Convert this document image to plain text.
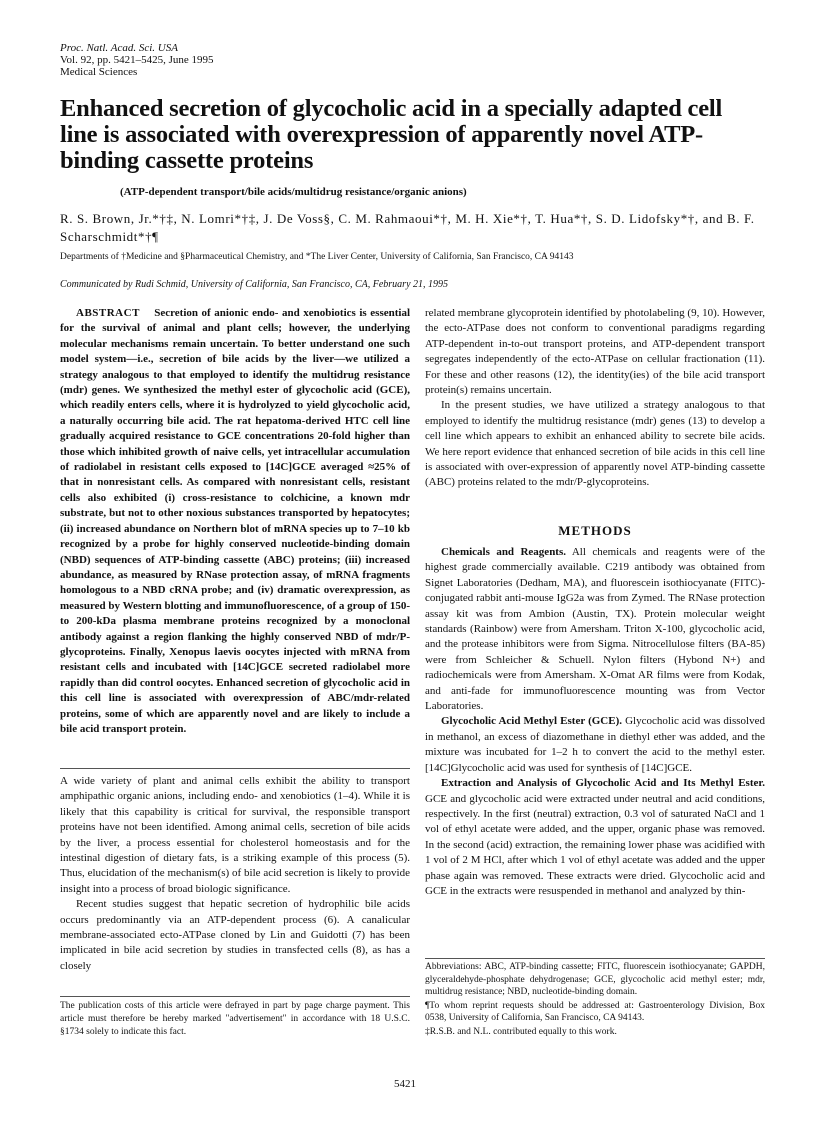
Proc. Natl. Acad. Sci. USA
Vol. 92, pp. 5421–5425, June 1995
Medical Sciences
Enhanced secretion of glycocholic acid in a specially adapted cell line is associated with overexpression of apparently novel ATP-binding cassette proteins
(ATP-dependent transport/bile acids/multidrug resistance/organic anions)
R. S. Brown, Jr.*†‡, N. Lomri*†‡, J. De Voss§, C. M. Rahmaoui*†, M. H. Xie*†, T. Hua*†, S. D. Lidofsky*†, and B. F. Scharschmidt*†¶
Departments of †Medicine and §Pharmaceutical Chemistry, and *The Liver Center, University of California, San Francisco, CA 94143
Communicated by Rudi Schmid, University of California, San Francisco, CA, February 21, 1995

ABSTRACT Secretion of anionic endo- and xenobiotics is essential for the survival of animal and plant cells; however, the underlying molecular mechanisms remain uncertain. To better understand one such model system—i.e., secretion of bile acids by the liver—we utilized a strategy analogous to that employed to identify the multidrug resistance (mdr) genes. We synthesized the methyl ester of glycocholic acid (GCE), which readily enters cells, where it is hydrolyzed to yield glycocholic acid, a naturally occurring bile acid. The rat hepatoma-derived HTC cell line gradually acquired resistance to GCE concentrations 20-fold higher than those which inhibited growth of naive cells, yet intracellular accumulation of radiolabel in resistant cells exposed to [14C]GCE averaged ≈25% of that in nonresistant cells. As compared with nonresistant cells, resistant cells also exhibited (i) cross-resistance to colchicine, a known mdr substrate, but not to other noxious substances transported by hepatocytes; (ii) increased abundance on Northern blot of mRNA species up to 7–10 kb recognized by a probe for highly conserved nucleotide-binding domain (NBD) sequences of ATP-binding cassette (ABC) proteins; (iii) increased abundance, as measured by RNase protection assay, of mRNA fragments homologous to a NBD cRNA probe; and (iv) dramatic overexpression, as measured by Western blotting and immunofluorescence, of a group of 150- to 200-kDa plasma membrane proteins recognized by a monoclonal antibody against a region flanking the highly conserved NBD of mdr/P-glycoproteins. Finally, Xenopus laevis oocytes injected with mRNA from resistant cells and incubated with [14C]GCE secreted radiolabel more rapidly than did control oocytes. Enhanced secretion of glycocholic acid in this cell line is associated with overexpression of ABC/mdr-related proteins, some of which are apparently novel and are likely to include a bile acid transport protein.

A wide variety of plant and animal cells exhibit the ability to transport amphipathic organic anions, including endo- and xenobiotics (1–4). While it is likely that this capability is critical for survival, the responsible transport proteins have not been identified. Among animal cells, secretion of bile acids by the liver, a process essential for cholesterol homeostasis and for the intestinal digestion of dietary fats, is a striking example of this process (5). Thus, elucidation of the mechanism(s) of bile acid secretion is likely to provide insight into a process of broad biologic significance.

Recent studies suggest that hepatic secretion of hydrophilic bile acids occurs predominantly via an ATP-dependent process (6). A canalicular membrane-associated ecto-ATPase cloned by Lin and Guidotti (7) has been implicated in bile acid secretion by studies in transfected cells (8), as has a closely

The publication costs of this article were defrayed in part by page charge payment. This article must therefore be hereby marked "advertisement" in accordance with 18 U.S.C. §1734 solely to indicate this fact.

related membrane glycoprotein identified by photolabeling (9, 10). However, the ecto-ATPase does not conform to conventional paradigms regarding ATP-dependent in-to-out transport proteins, and ATP-dependent transport segregates independently of the ecto-ATPase on cellular fractionation (11). For these and other reasons (12), the identity(ies) of the bile acid transport protein(s) remains uncertain.

In the present studies, we have utilized a strategy analogous to that employed to identify the multidrug resistance (mdr) genes (13) to develop a cell line which appears to exhibit an enhanced ability to secrete bile acids. We here report evidence that enhanced secretion of bile acids in this cell line is associated with over-expression of apparently novel ATP-binding cassette (ABC) proteins related to the mdr/P-glycoproteins.

METHODS

Chemicals and Reagents. All chemicals and reagents were of the highest grade commercially available. C219 antibody was obtained from Signet Laboratories (Dedham, MA), and fluorescein isothiocyanate (FITC)-conjugated rabbit anti-mouse IgG2a was from Zymed. The RNase protection assay kit was from Ambion (Austin, TX). Protein molecular weight standards (Rainbow) were from Amersham. Triton X-100, glycocholic acid, and the protease inhibitors were from Sigma. Nitrocellulose filters (BA-85) were from Schleicher & Schuell. Nylon filters (Hybond N+) and radiochemicals were from Amersham. X-Omat AR films were from Kodak, and anti-fade for immunofluorescence mounting was from Vector Laboratories.

Glycocholic Acid Methyl Ester (GCE). Glycocholic acid was dissolved in methanol, an excess of diazomethane in diethyl ether was added, and the mixture was incubated for 1–2 h to convert the acid to the methyl ester. [14C]Glycocholic acid was used for synthesis of [14C]GCE.

Extraction and Analysis of Glycocholic Acid and Its Methyl Ester. GCE and glycocholic acid were extracted under neutral and acid conditions, respectively. In the first (neutral) extraction, 0.3 vol of saturated NaCl and 1 vol of ethyl acetate were added, and the upper, organic phase was removed. In the second (acid) extraction, the remaining lower phase was acidified with 1 vol of 2 M HCl, after which 1 vol of ethyl acetate was added and the upper phase again was removed. These extracts were dried. Glycocholic acid and GCE in the extracts were resuspended in methanol and analyzed by thin-

Abbreviations: ABC, ATP-binding cassette; FITC, fluorescein isothiocyanate; GAPDH, glyceraldehyde-phosphate dehydrogenase; GCE, glycocholic acid methyl ester; mdr, multidrug resistance; NBD, nucleotide-binding domain.

¶To whom reprint requests should be addressed at: Gastroenterology Division, Box 0538, University of California, San Francisco, CA 94143.

‡R.S.B. and N.L. contributed equally to this work.

5421
